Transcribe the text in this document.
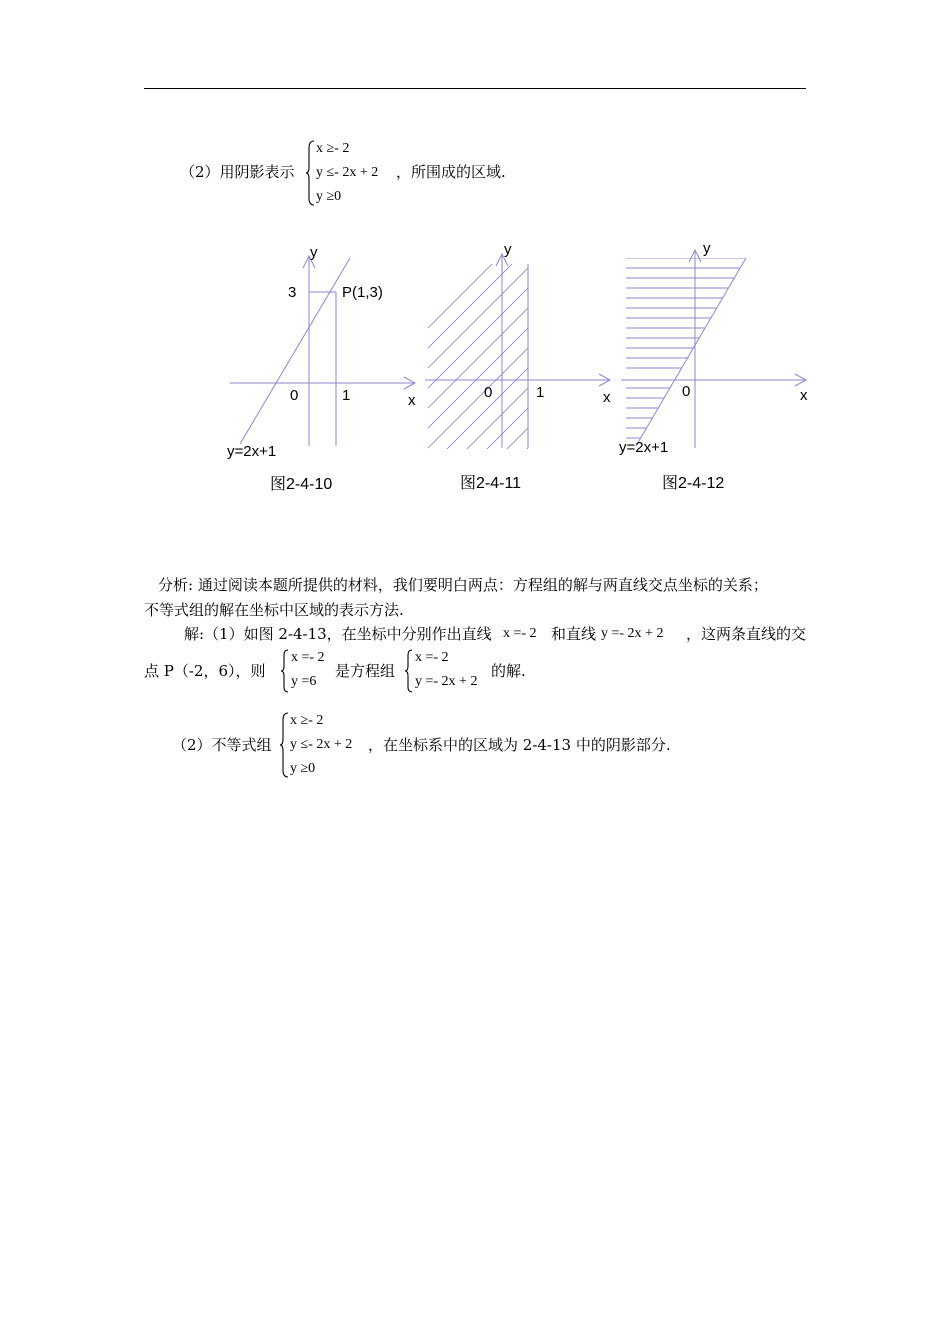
（2）用阴影表示
x ≥- 2
y ≤- 2x + 2
y ≥0
，所围成的区域.
y
3	P(1,3)
0	1	x
y=2x+1
图2-4-10
y
0	1	x
图2-4-11
y
0	x
y=2x+1
图2-4-12
分析: 通过阅读本题所提供的材料，我们要明白两点：方程组的解与两直线交点坐标的关系；
不等式组的解在坐标中区域的表示方法.
解:（1）如图 2-4-13，在坐标中分别作出直线 x =- 2 和直线 y =- 2x + 2 ，这两条直线的交
点 P（-2，6），则
x =- 2
y =6
是方程组
x =- 2
y =- 2x + 2
的解.
（2）不等式组
x ≥- 2
y ≤- 2x + 2
y ≥0
，在坐标系中的区域为 2-4-13 中的阴影部分.
